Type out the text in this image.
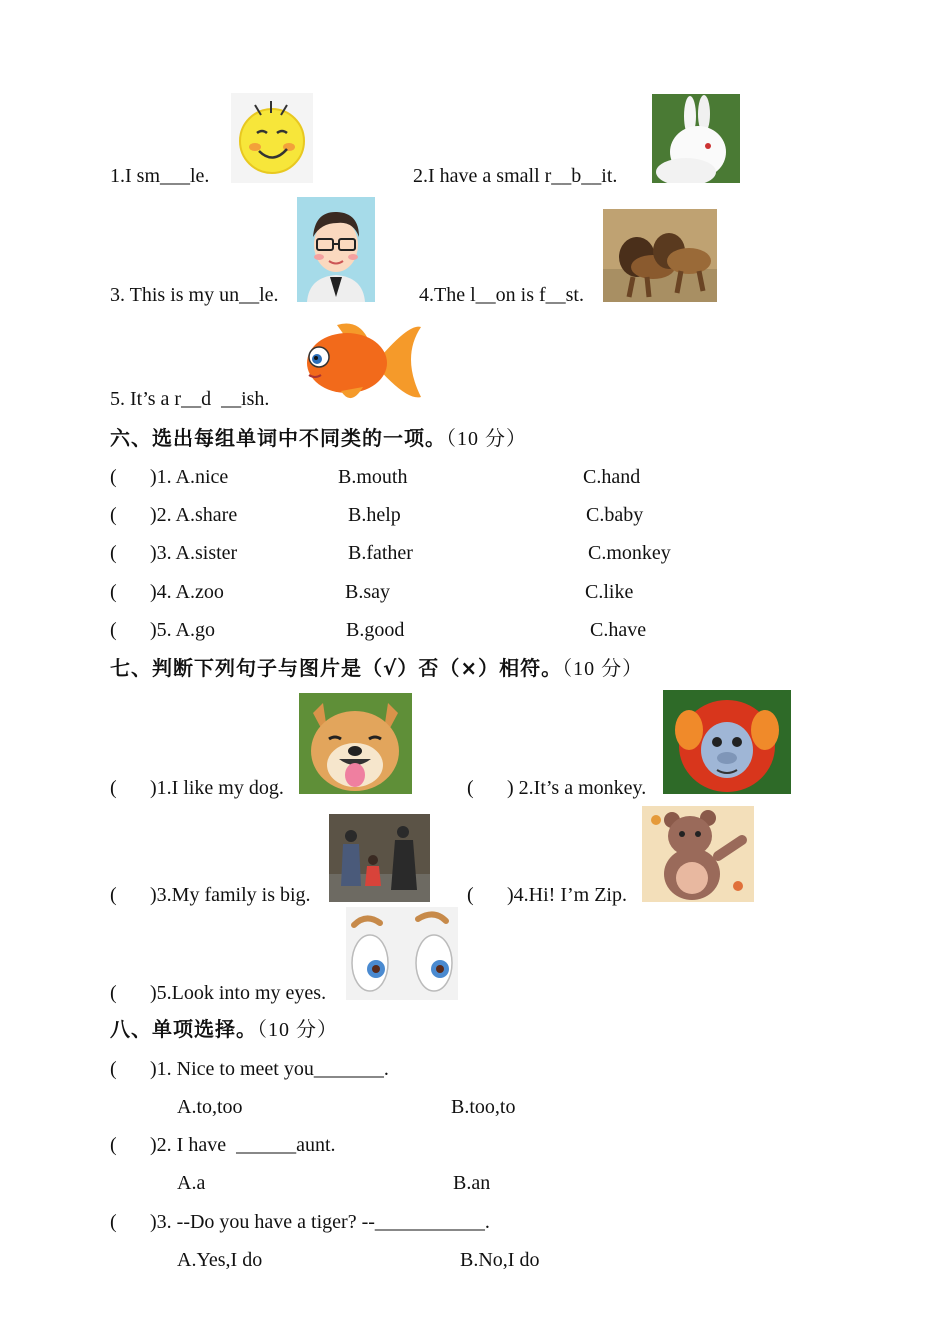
1.I sm___le.	2.I have a small r__b__it.
3. This is my un__le.	4.The l__on is f__st.
5. It’s a r__d  __ish.
六、选出每组单词中不同类的一项。（10 分）
( )1. A.nice	B.mouth	C.hand
( )2. A.share	B.help	C.baby
( )3. A.sister	B.father	C.monkey
( )4. A.zoo	B.say	C.like
( )5. A.go	B.good	C.have
七、判断下列句子与图片是（√）否（×）相符。（10 分）
( )1.I like my dog.	( ) 2.It’s a monkey.
( )3.My family is big.	( )4.Hi! I’m Zip.
( )5.Look into my eyes.
八、单项选择。（10 分）
( )1. Nice to meet you_______.
A.to,too	B.too,to
( )2. I have  ______aunt.
A.a	B.an
( )3. --Do you have a tiger? --___________.
A.Yes,I do	B.No,I do
